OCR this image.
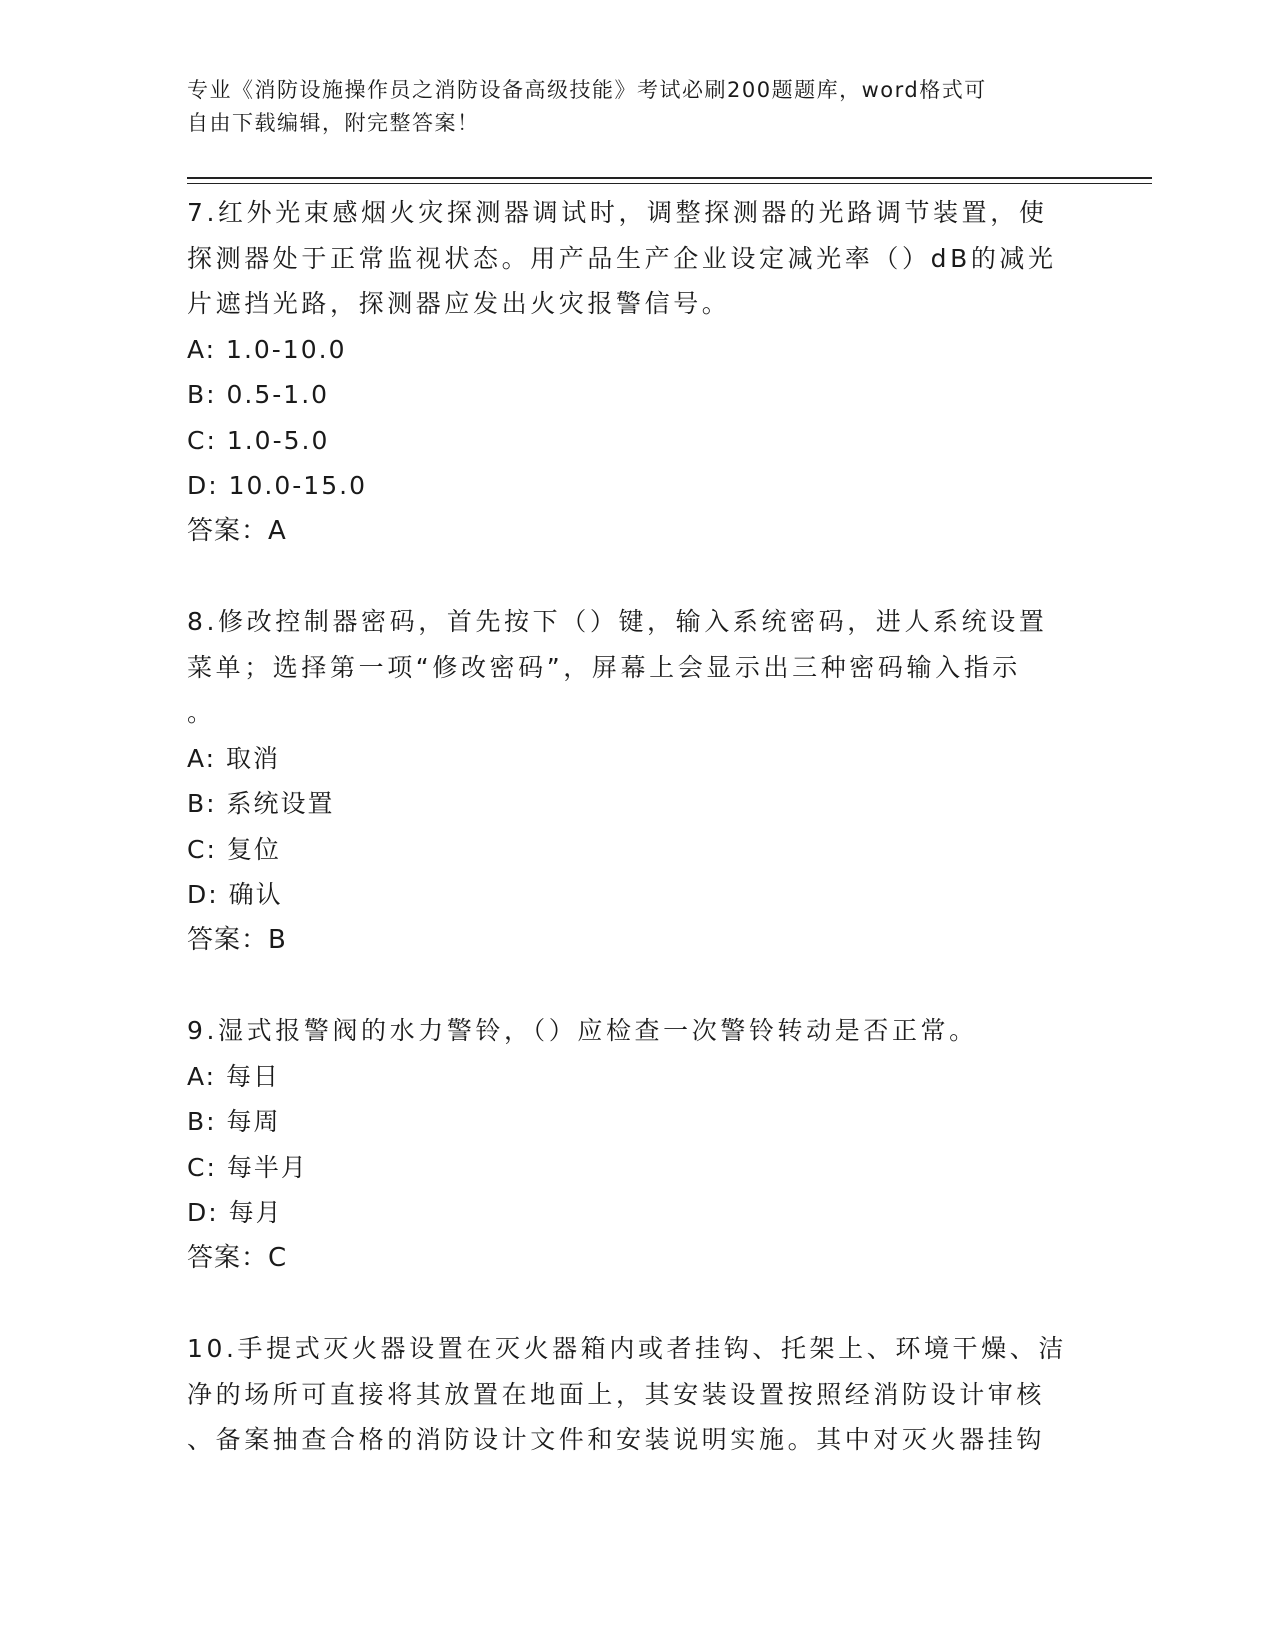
专业《消防设施操作员之消防设备高级技能》考试必刷200题题库，word格式可
自由下载编辑，附完整答案！
7.红外光束感烟火灾探测器调试时，调整探测器的光路调节装置，使
探测器处于正常监视状态。用产品生产企业设定减光率（）dB的减光
片遮挡光路，探测器应发出火灾报警信号。
A: 1.0-10.0
B: 0.5-1.0
C: 1.0-5.0
D: 10.0-15.0
答案：A
8.修改控制器密码，首先按下（）键，输入系统密码，进人系统设置
菜单；选择第一项“修改密码”，屏幕上会显示出三种密码输入指示
。
A: 取消
B: 系统设置
C: 复位
D: 确认
答案：B
9.湿式报警阀的水力警铃，（）应检查一次警铃转动是否正常。
A: 每日
B: 每周
C: 每半月
D: 每月
答案：C
10.手提式灭火器设置在灭火器箱内或者挂钩、托架上、环境干燥、洁
净的场所可直接将其放置在地面上，其安装设置按照经消防设计审核
、备案抽查合格的消防设计文件和安装说明实施。其中对灭火器挂钩
